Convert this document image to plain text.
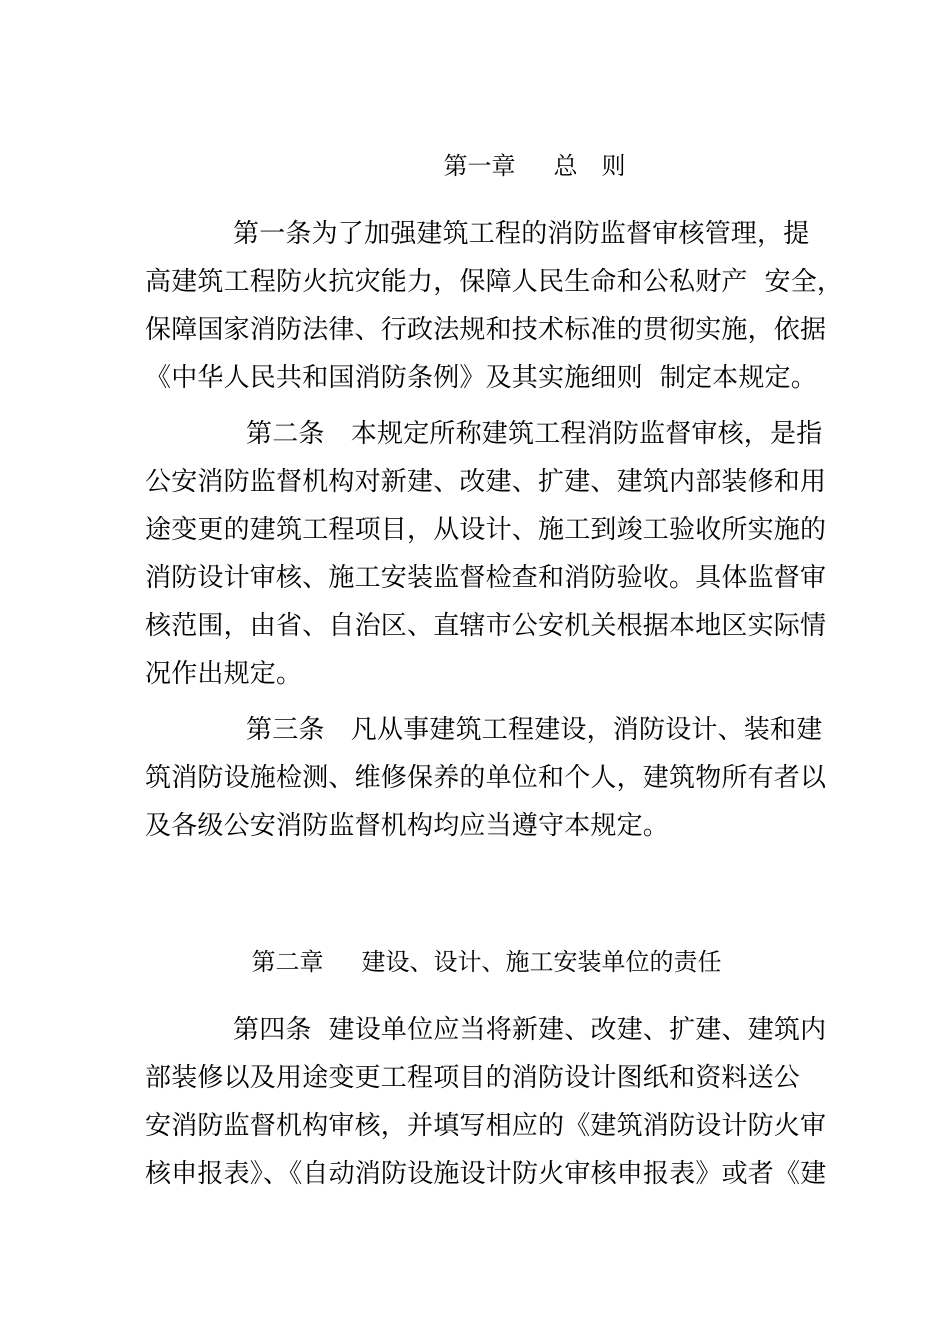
第一章 总　则

第一条为了加强建筑工程的消防监督审核管理，提
高建筑工程防火抗灾能力，保障人民生命和公私财产  安全，
保障国家消防法律、行政法规和技术标准的贯彻实施，依据
《中华人民共和国消防条例》及其实施细则  制定本规定。
第二条　本规定所称建筑工程消防监督审核，是指
公安消防监督机构对新建、改建、扩建、建筑内部装修和用
途变更的建筑工程项目，从设计、施工到竣工验收所实施的
消防设计审核、施工安装监督检查和消防验收。具体监督审
核范围，由省、自治区、直辖市公安机关根据本地区实际情
况作出规定。
第三条　凡从事建筑工程建设，消防设计、装和建
筑消防设施检测、维修保养的单位和个人，建筑物所有者以
及各级公安消防监督机构均应当遵守本规定。

第二章 建设、设计、施工安装单位的责任

第四条  建设单位应当将新建、改建、扩建、建筑内
部装修以及用途变更工程项目的消防设计图纸和资料送公
安消防监督机构审核，并填写相应的《建筑消防设计防火审
核申报表》、《自动消防设施设计防火审核申报表》或者《建
